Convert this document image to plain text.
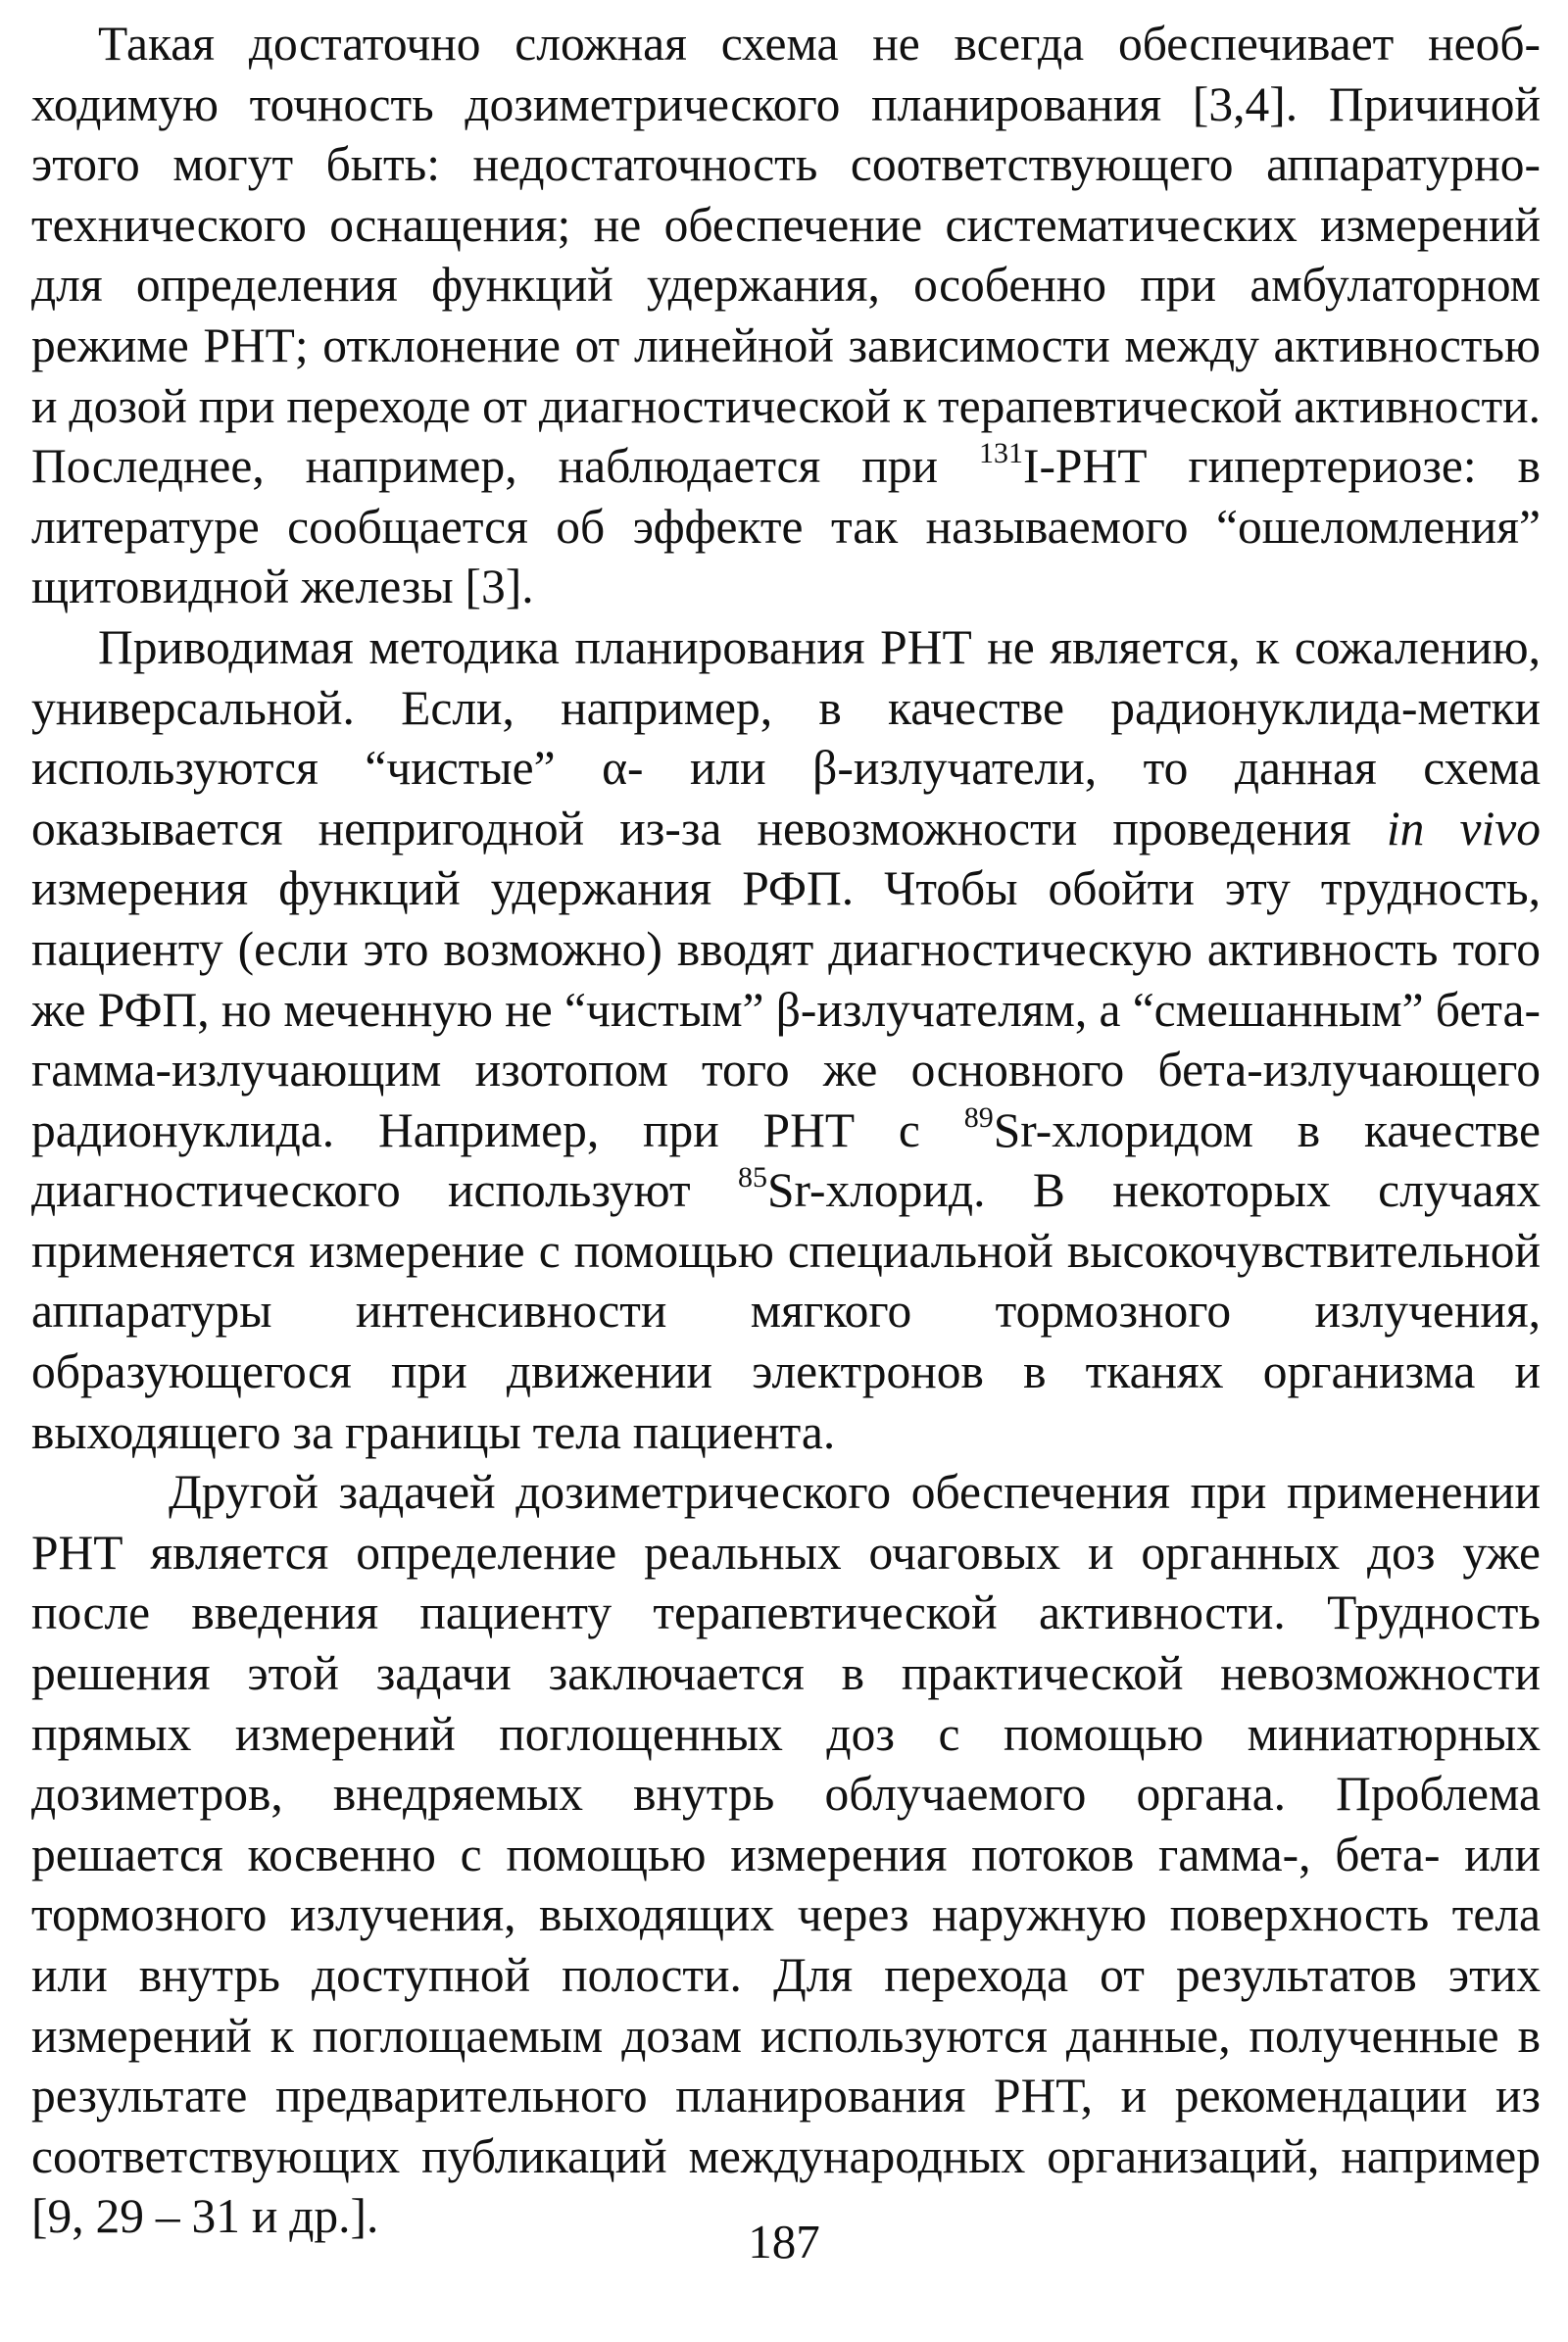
Такая достаточно сложная схема не всегда обеспечивает необходимую точность дозиметрического планирования [3,4]. Причиной этого могут быть: недостаточность соответствующего аппаратурно-технического оснащения; не обеспечение систематических измерений для определения функций удержания, особенно при амбулаторном режиме РНТ; отклонение от линейной зависимости между активностью и дозой при переходе от диагностической к терапевтической активности. Последнее, например, наблюдается при $^{131}$I-РНТ гипертериозе: в литературе сообщается об эффекте так называемого “ошеломления” щитовидной железы [3].

Приводимая методика планирования РНТ не является, к сожалению, универсальной. Если, например, в качестве радионуклида-метки используются “чистые” α- или β-излучатели, то данная схема оказывается непригодной из-за невозможности проведения in vivo измерения функций удержания РФП. Чтобы обойти эту трудность, пациенту (если это возможно) вводят диагностическую активность того же РФП, но меченную не “чистым” β-излучателям, а “смешанным” бета-гамма-излучающим изотопом того же основного бета-излучающего радионуклида. Например, при РНТ с $^{89}$Sr-хлоридом в качестве диагностического используют $^{85}$Sr-хлорид. В некоторых случаях применяется измерение с помощью специальной высокочувствительной аппаратуры интенсивности мягкого тормозного излучения, образующегося при движении электронов в тканях организма и выходящего за границы тела пациента.

Другой задачей дозиметрического обеспечения при применении РНТ является определение реальных очаговых и органных доз уже после введения пациенту терапевтической активности. Трудность решения этой задачи заключается в практической невозможности прямых измерений поглощенных доз с помощью миниатюрных дозиметров, внедряемых внутрь облучаемого органа. Проблема решается косвенно с помощью измерения потоков гамма-, бета- или тормозного излучения, выходящих через наружную поверхность тела или внутрь доступной полости. Для перехода от результатов этих измерений к поглощаемым дозам используются данные, полученные в результате предварительного планирования РНТ, и рекомендации из соответствующих публикаций международных организаций, например [9, 29 – 31 и др.].	187
